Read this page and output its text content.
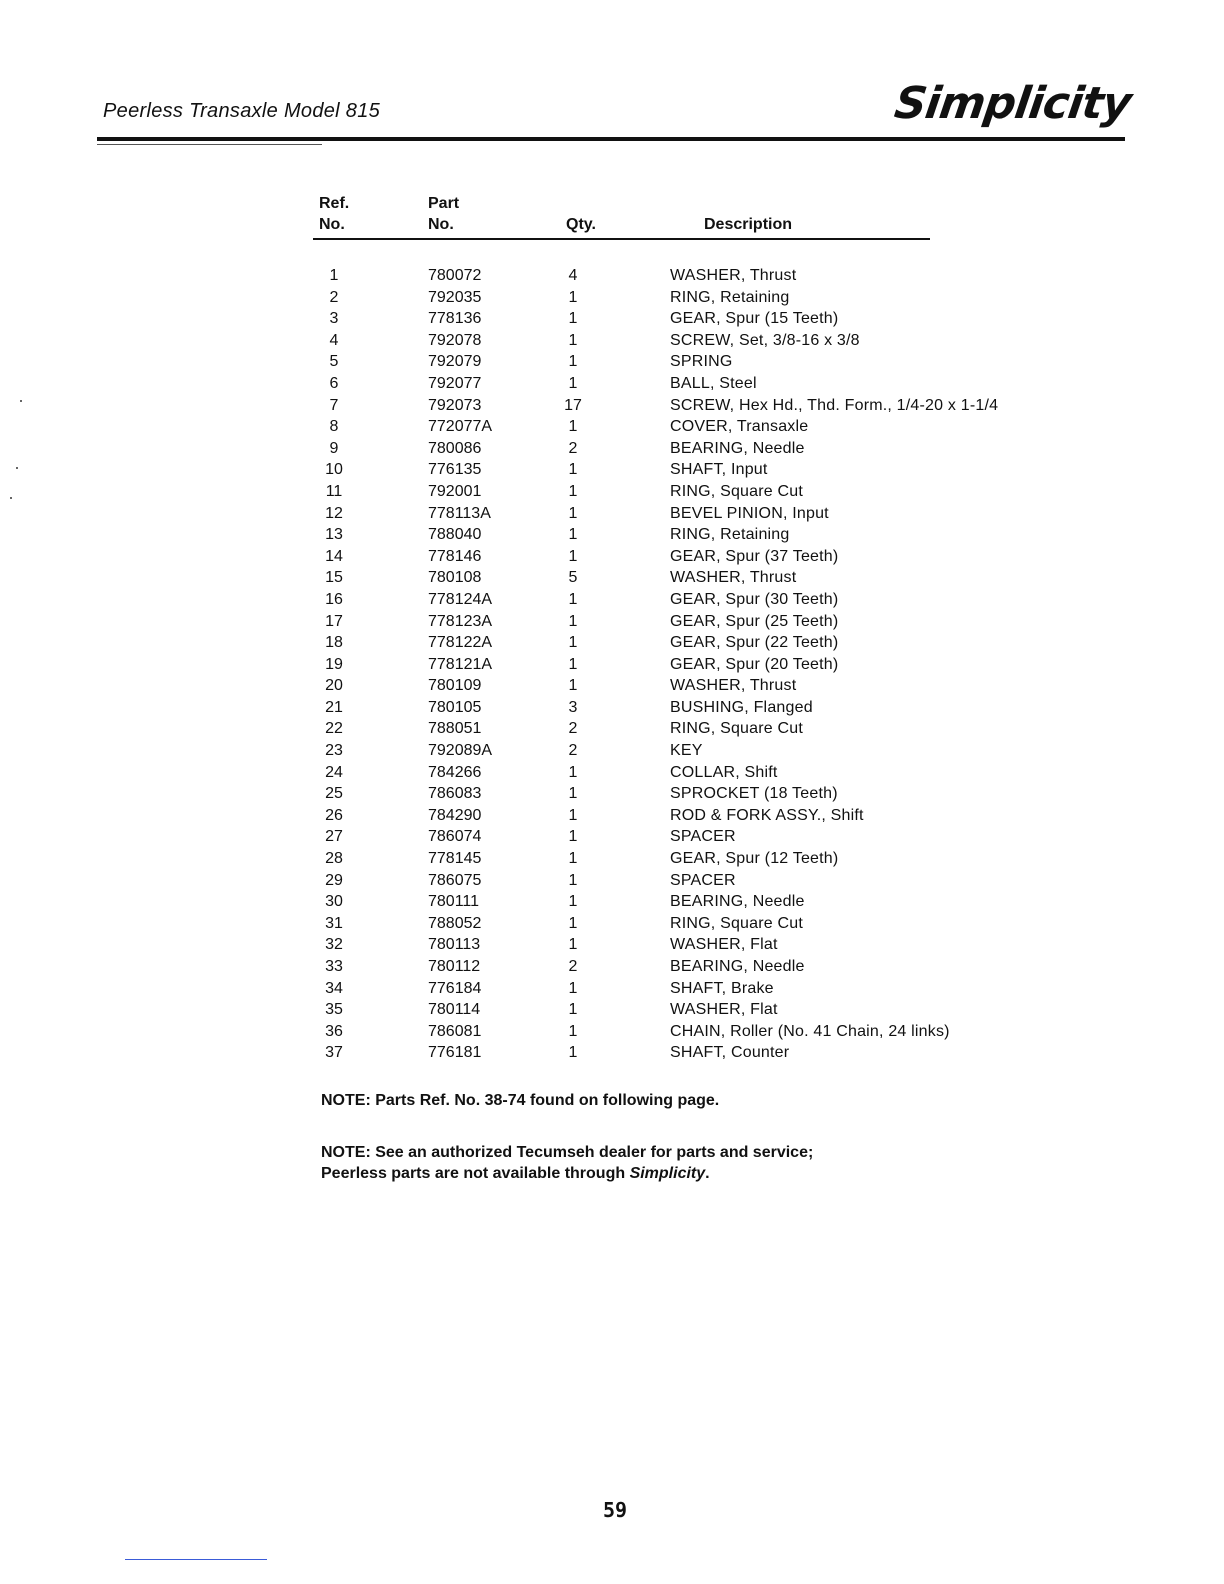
Peerless Transaxle Model 815	Simplicity
Ref.
No.
Part
No.	Qty.	Description
1	780072	4	WASHER, Thrust
2	792035	1	RING, Retaining
3	778136	1	GEAR, Spur (15 Teeth)
4	792078	1	SCREW, Set, 3/8-16 x 3/8
5	792079	1	SPRING
6	792077	1	BALL, Steel
7	792073	17	SCREW, Hex Hd., Thd. Form., 1/4-20 x 1-1/4
8	772077A	1	COVER, Transaxle
9	780086	2	BEARING, Needle
10	776135	1	SHAFT, Input
11	792001	1	RING, Square Cut
12	778113A	1	BEVEL PINION, Input
13	788040	1	RING, Retaining
14	778146	1	GEAR, Spur (37 Teeth)
15	780108	5	WASHER, Thrust
16	778124A	1	GEAR, Spur (30 Teeth)
17	778123A	1	GEAR, Spur (25 Teeth)
18	778122A	1	GEAR, Spur (22 Teeth)
19	778121A	1	GEAR, Spur (20 Teeth)
20	780109	1	WASHER, Thrust
21	780105	3	BUSHING, Flanged
22	788051	2	RING, Square Cut
23	792089A	2	KEY
24	784266	1	COLLAR, Shift
25	786083	1	SPROCKET (18 Teeth)
26	784290	1	ROD & FORK ASSY., Shift
27	786074	1	SPACER
28	778145	1	GEAR, Spur (12 Teeth)
29	786075	1	SPACER
30	780111	1	BEARING, Needle
31	788052	1	RING, Square Cut
32	780113	1	WASHER, Flat
33	780112	2	BEARING, Needle
34	776184	1	SHAFT, Brake
35	780114	1	WASHER, Flat
36	786081	1	CHAIN, Roller (No. 41 Chain, 24 links)
37	776181	1	SHAFT, Counter
NOTE: Parts Ref. No. 38-74 found on following page.
NOTE: See an authorized Tecumseh dealer for parts and service;
Peerless parts are not available through Simplicity.
59
